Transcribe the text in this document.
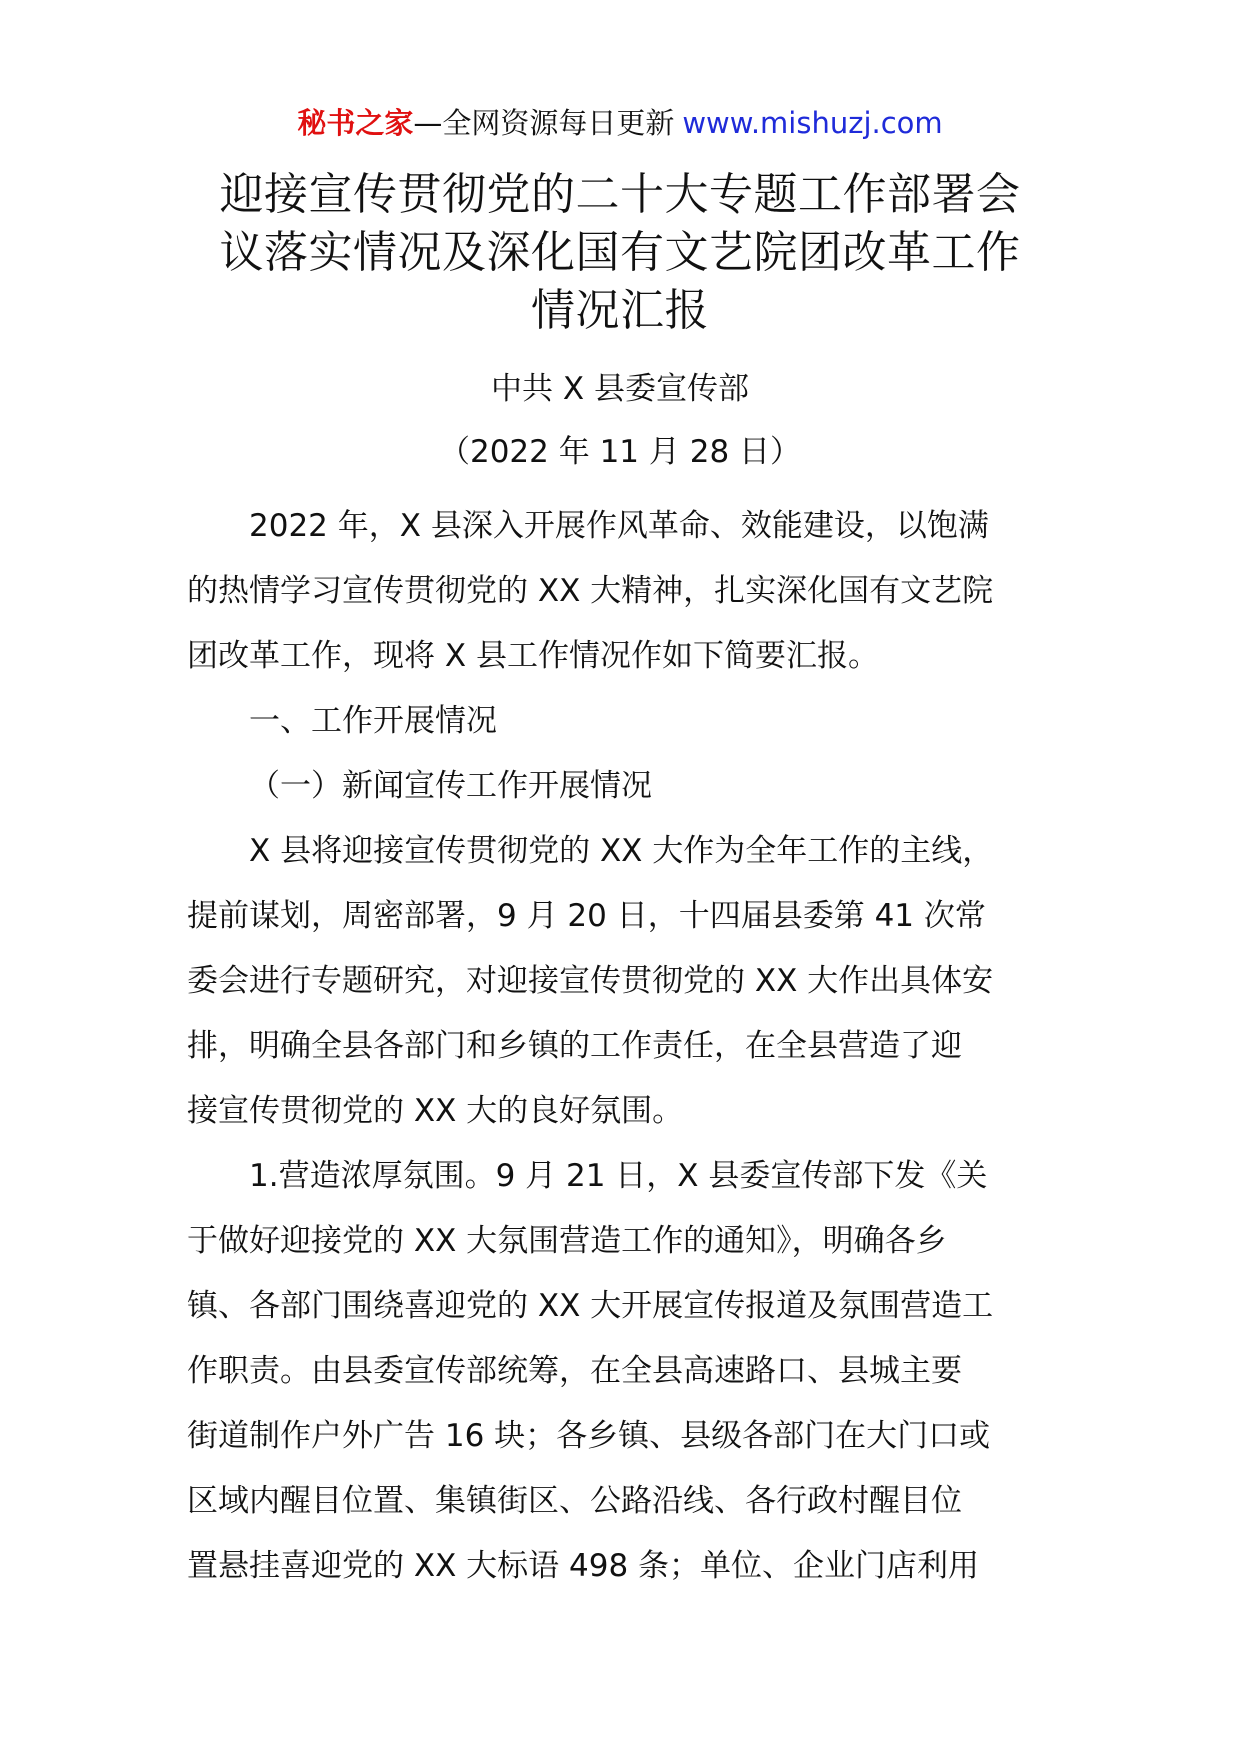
秘书之家—全网资源每日更新 www.mishuzj.com
迎接宣传贯彻党的二十大专题工作部署会
议落实情况及深化国有文艺院团改革工作
情况汇报
中共 X 县委宣传部
（2022 年 11 月 28 日）
2022 年，X 县深入开展作风革命、效能建设，以饱满
的热情学习宣传贯彻党的 XX 大精神，扎实深化国有文艺院
团改革工作，现将 X 县工作情况作如下简要汇报。
一、工作开展情况
（一）新闻宣传工作开展情况
X 县将迎接宣传贯彻党的 XX 大作为全年工作的主线，
提前谋划，周密部署，9 月 20 日，十四届县委第 41 次常
委会进行专题研究，对迎接宣传贯彻党的 XX 大作出具体安
排，明确全县各部门和乡镇的工作责任，在全县营造了迎
接宣传贯彻党的 XX 大的良好氛围。
1.营造浓厚氛围。9 月 21 日，X 县委宣传部下发《关
于做好迎接党的 XX 大氛围营造工作的通知》，明确各乡
镇、各部门围绕喜迎党的 XX 大开展宣传报道及氛围营造工
作职责。由县委宣传部统筹，在全县高速路口、县城主要
街道制作户外广告 16 块；各乡镇、县级各部门在大门口或
区域内醒目位置、集镇街区、公路沿线、各行政村醒目位
置悬挂喜迎党的 XX 大标语 498 条；单位、企业门店利用
